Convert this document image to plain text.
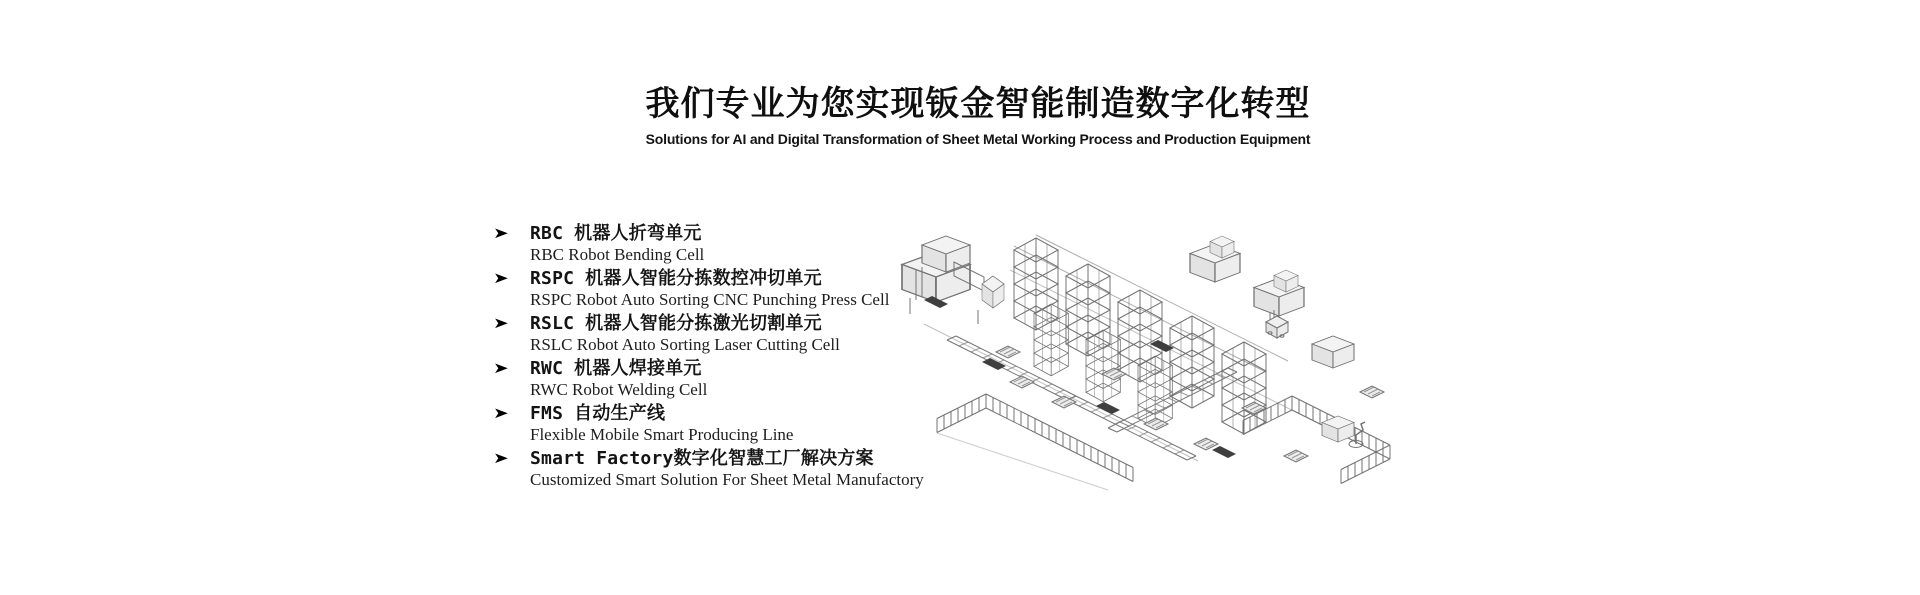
我们专业为您实现钣金智能制造数字化转型

Solutions for AI and Digital Transformation of Sheet Metal Working Process and Production Equipment

➤ RBC 机器人折弯单元
RBC Robot Bending Cell
➤ RSPC 机器人智能分拣数控冲切单元
RSPC Robot Auto Sorting CNC Punching Press Cell
➤ RSLC 机器人智能分拣激光切割单元
RSLC Robot Auto Sorting Laser Cutting Cell
➤ RWC 机器人焊接单元
RWC Robot Welding Cell
➤ FMS 自动生产线
Flexible Mobile Smart Producing Line
➤ Smart Factory数字化智慧工厂解决方案
Customized Smart Solution For Sheet Metal Manufactory
